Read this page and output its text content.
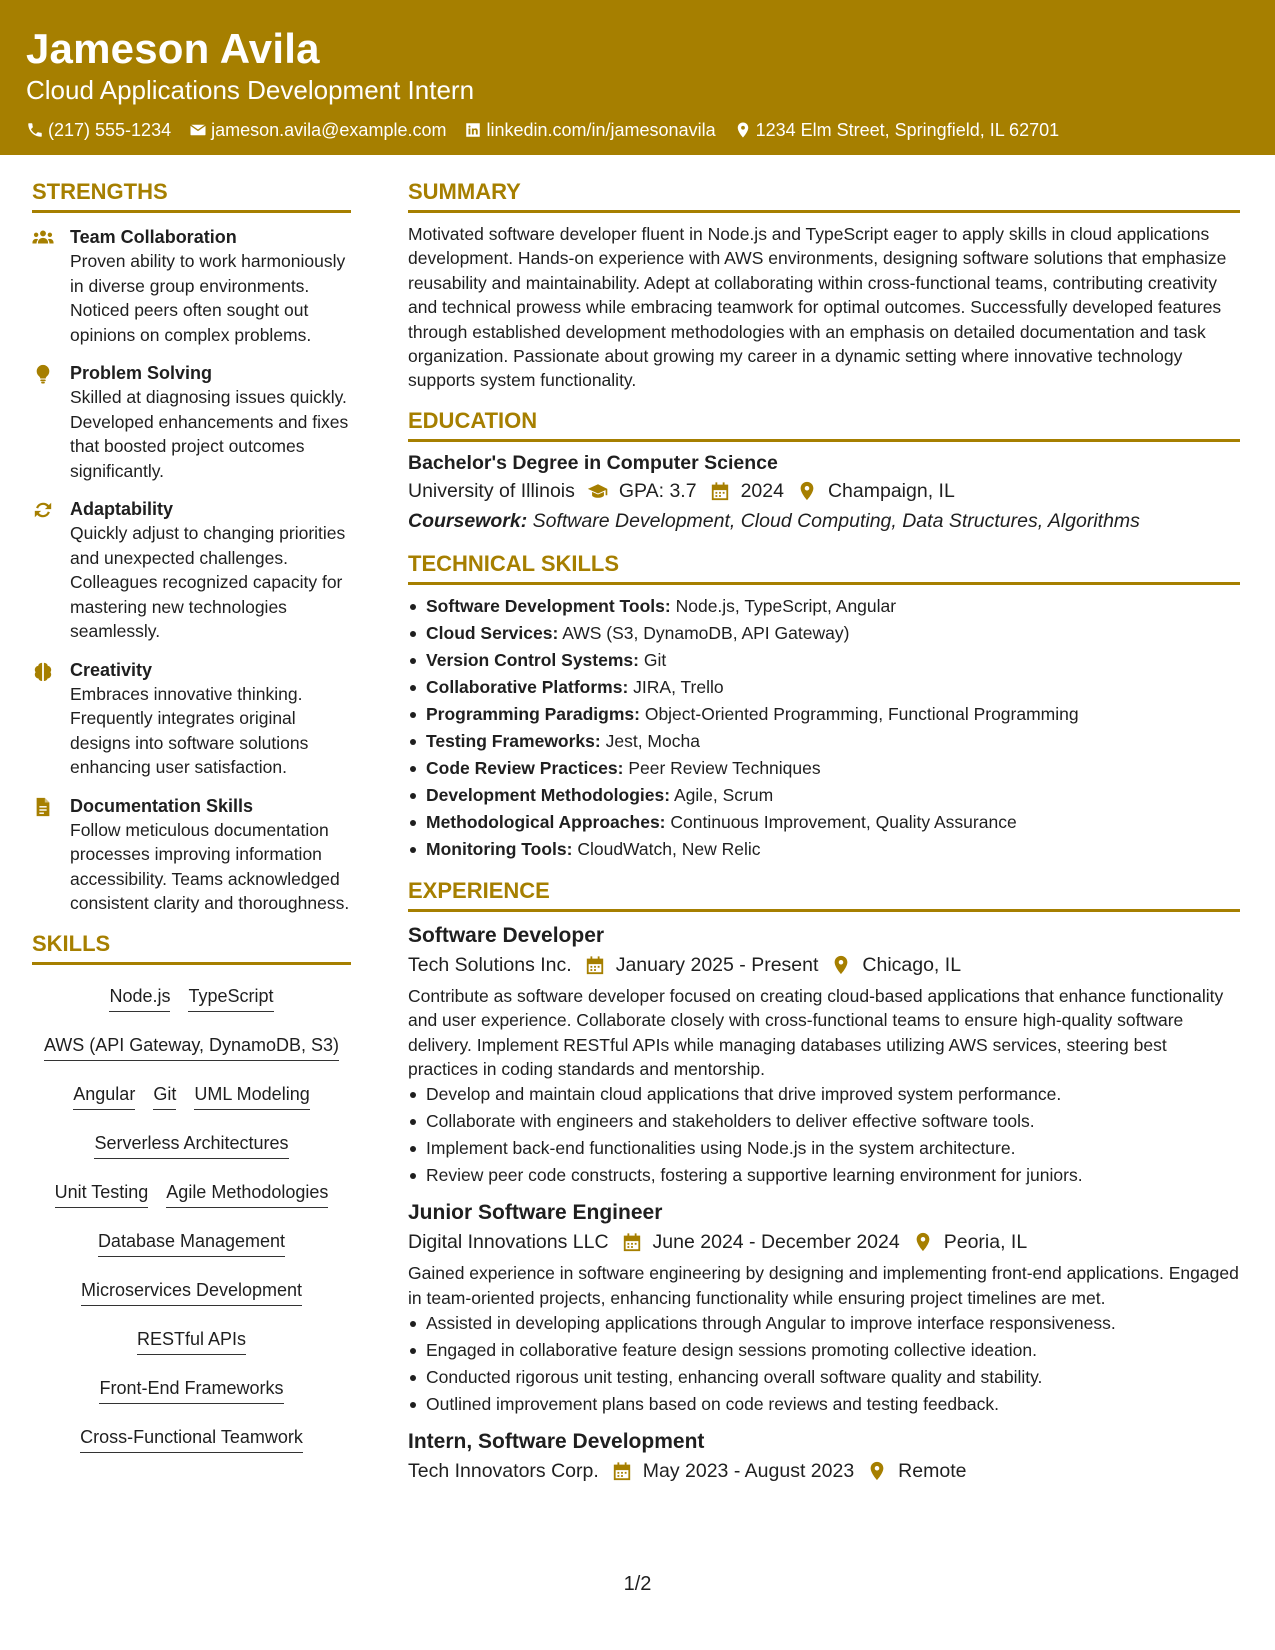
Jameson Avila
Cloud Applications Development Intern
(217) 555-1234 jameson.avila@example.com linkedin.com/in/jamesonavila 1234 Elm Street, Springfield, IL 62701
STRENGTHS
Team Collaboration
Proven ability to work harmoniously in diverse group environments. Noticed peers often sought out opinions on complex problems.
Problem Solving
Skilled at diagnosing issues quickly. Developed enhancements and fixes that boosted project outcomes significantly.
Adaptability
Quickly adjust to changing priorities and unexpected challenges. Colleagues recognized capacity for mastering new technologies seamlessly.
Creativity
Embraces innovative thinking. Frequently integrates original designs into software solutions enhancing user satisfaction.
Documentation Skills
Follow meticulous documentation processes improving information accessibility. Teams acknowledged consistent clarity and thoroughness.
SKILLS
Node.js TypeScript
AWS (API Gateway, DynamoDB, S3)
Angular Git UML Modeling
Serverless Architectures
Unit Testing Agile Methodologies
Database Management
Microservices Development
RESTful APIs
Front-End Frameworks
Cross-Functional Teamwork
SUMMARY
Motivated software developer fluent in Node.js and TypeScript eager to apply skills in cloud applications development. Hands-on experience with AWS environments, designing software solutions that emphasize reusability and maintainability. Adept at collaborating within cross-functional teams, contributing creativity and technical prowess while embracing teamwork for optimal outcomes. Successfully developed features through established development methodologies with an emphasis on detailed documentation and task organization. Passionate about growing my career in a dynamic setting where innovative technology supports system functionality.
EDUCATION
Bachelor's Degree in Computer Science
University of Illinois GPA: 3.7 2024 Champaign, IL
Coursework: Software Development, Cloud Computing, Data Structures, Algorithms
TECHNICAL SKILLS
Software Development Tools: Node.js, TypeScript, Angular
Cloud Services: AWS (S3, DynamoDB, API Gateway)
Version Control Systems: Git
Collaborative Platforms: JIRA, Trello
Programming Paradigms: Object-Oriented Programming, Functional Programming
Testing Frameworks: Jest, Mocha
Code Review Practices: Peer Review Techniques
Development Methodologies: Agile, Scrum
Methodological Approaches: Continuous Improvement, Quality Assurance
Monitoring Tools: CloudWatch, New Relic
EXPERIENCE
Software Developer
Tech Solutions Inc. January 2025 - Present Chicago, IL
Contribute as software developer focused on creating cloud-based applications that enhance functionality and user experience. Collaborate closely with cross-functional teams to ensure high-quality software delivery. Implement RESTful APIs while managing databases utilizing AWS services, steering best practices in coding standards and mentorship.
Develop and maintain cloud applications that drive improved system performance.
Collaborate with engineers and stakeholders to deliver effective software tools.
Implement back-end functionalities using Node.js in the system architecture.
Review peer code constructs, fostering a supportive learning environment for juniors.
Junior Software Engineer
Digital Innovations LLC June 2024 - December 2024 Peoria, IL
Gained experience in software engineering by designing and implementing front-end applications. Engaged in team-oriented projects, enhancing functionality while ensuring project timelines are met.
Assisted in developing applications through Angular to improve interface responsiveness.
Engaged in collaborative feature design sessions promoting collective ideation.
Conducted rigorous unit testing, enhancing overall software quality and stability.
Outlined improvement plans based on code reviews and testing feedback.
Intern, Software Development
Tech Innovators Corp. May 2023 - August 2023 Remote
1/2
